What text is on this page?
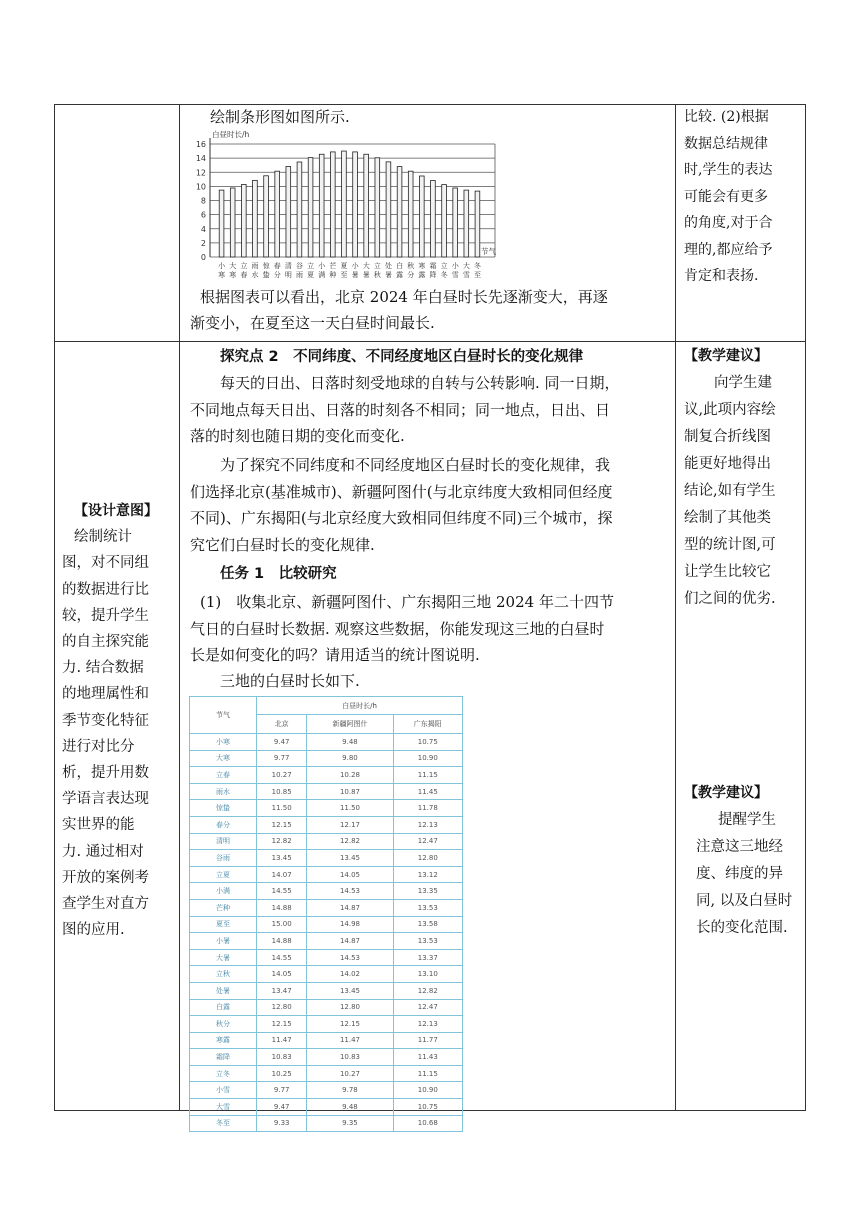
绘制条形图如图所示.
0
2
4
6
8
10
12
14
16
白昼时长/h
节气
小
寒
大
寒
立
春
雨
水
惊
蛰
春
分
清
明
谷
雨
立
夏
小
满
芒
种
夏
至
小
暑
大
暑
立
秋
处
暑
白
露
秋
分
寒
露
霜
降
立
冬
小
雪
大
雪
冬
至
根据图表可以看出，北京 2024 年白昼时长先逐渐变大，再逐
渐变小，在夏至这一天白昼时间最长.
比较. (2)根据
数据总结规律
时,学生的表达
可能会有更多
的角度,对于合
理的,都应给予
肯定和表扬.
【设计意图】
绘制统计
图，对不同组
的数据进行比
较，提升学生
的自主探究能
力. 结合数据
的地理属性和
季节变化特征
进行对比分
析，提升用数
学语言表达现
实世界的能
力. 通过相对
开放的案例考
查学生对直方
图的应用.
探究点 2　不同纬度、不同经度地区白昼时长的变化规律
每天的日出、日落时刻受地球的自转与公转影响. 同一日期，
不同地点每天日出、日落的时刻各不相同；同一地点，日出、日
落的时刻也随日期的变化而变化.
为了探究不同纬度和不同经度地区白昼时长的变化规律，我
们选择北京(基准城市)、新疆阿图什(与北京纬度大致相同但经度
不同)、广东揭阳(与北京经度大致相同但纬度不同)三个城市，探
究它们白昼时长的变化规律.
任务 1　比较研究
(1)　收集北京、新疆阿图什、广东揭阳三地 2024 年二十四节
气日的白昼时长数据. 观察这些数据，你能发现这三地的白昼时
长是如何变化的吗？请用适当的统计图说明.
三地的白昼时长如下.
节气	白昼时长/h		
	北京	新疆阿图什	广东揭阳
小寒	9.47	9.48	10.75
大寒	9.77	9.80	10.90
立春	10.27	10.28	11.15
雨水	10.85	10.87	11.45
惊蛰	11.50	11.50	11.78
春分	12.15	12.17	12.13
清明	12.82	12.82	12.47
谷雨	13.45	13.45	12.80
立夏	14.07	14.05	13.12
小满	14.55	14.53	13.35
芒种	14.88	14.87	13.53
夏至	15.00	14.98	13.58
小暑	14.88	14.87	13.53
大暑	14.55	14.53	13.37
立秋	14.05	14.02	13.10
处暑	13.47	13.45	12.82
白露	12.80	12.80	12.47
秋分	12.15	12.15	12.13
寒露	11.47	11.47	11.77
霜降	10.83	10.83	11.43
立冬	10.25	10.27	11.15
小雪	9.77	9.78	10.90
大雪	9.47	9.48	10.75
冬至	9.33	9.35	10.68
【教学建议】
向学生建
议,此项内容绘
制复合折线图
能更好地得出
结论,如有学生
绘制了其他类
型的统计图,可
让学生比较它
们之间的优劣.
【教学建议】
提醒学生
注意这三地经
度、纬度的异
同, 以及白昼时
长的变化范围.
